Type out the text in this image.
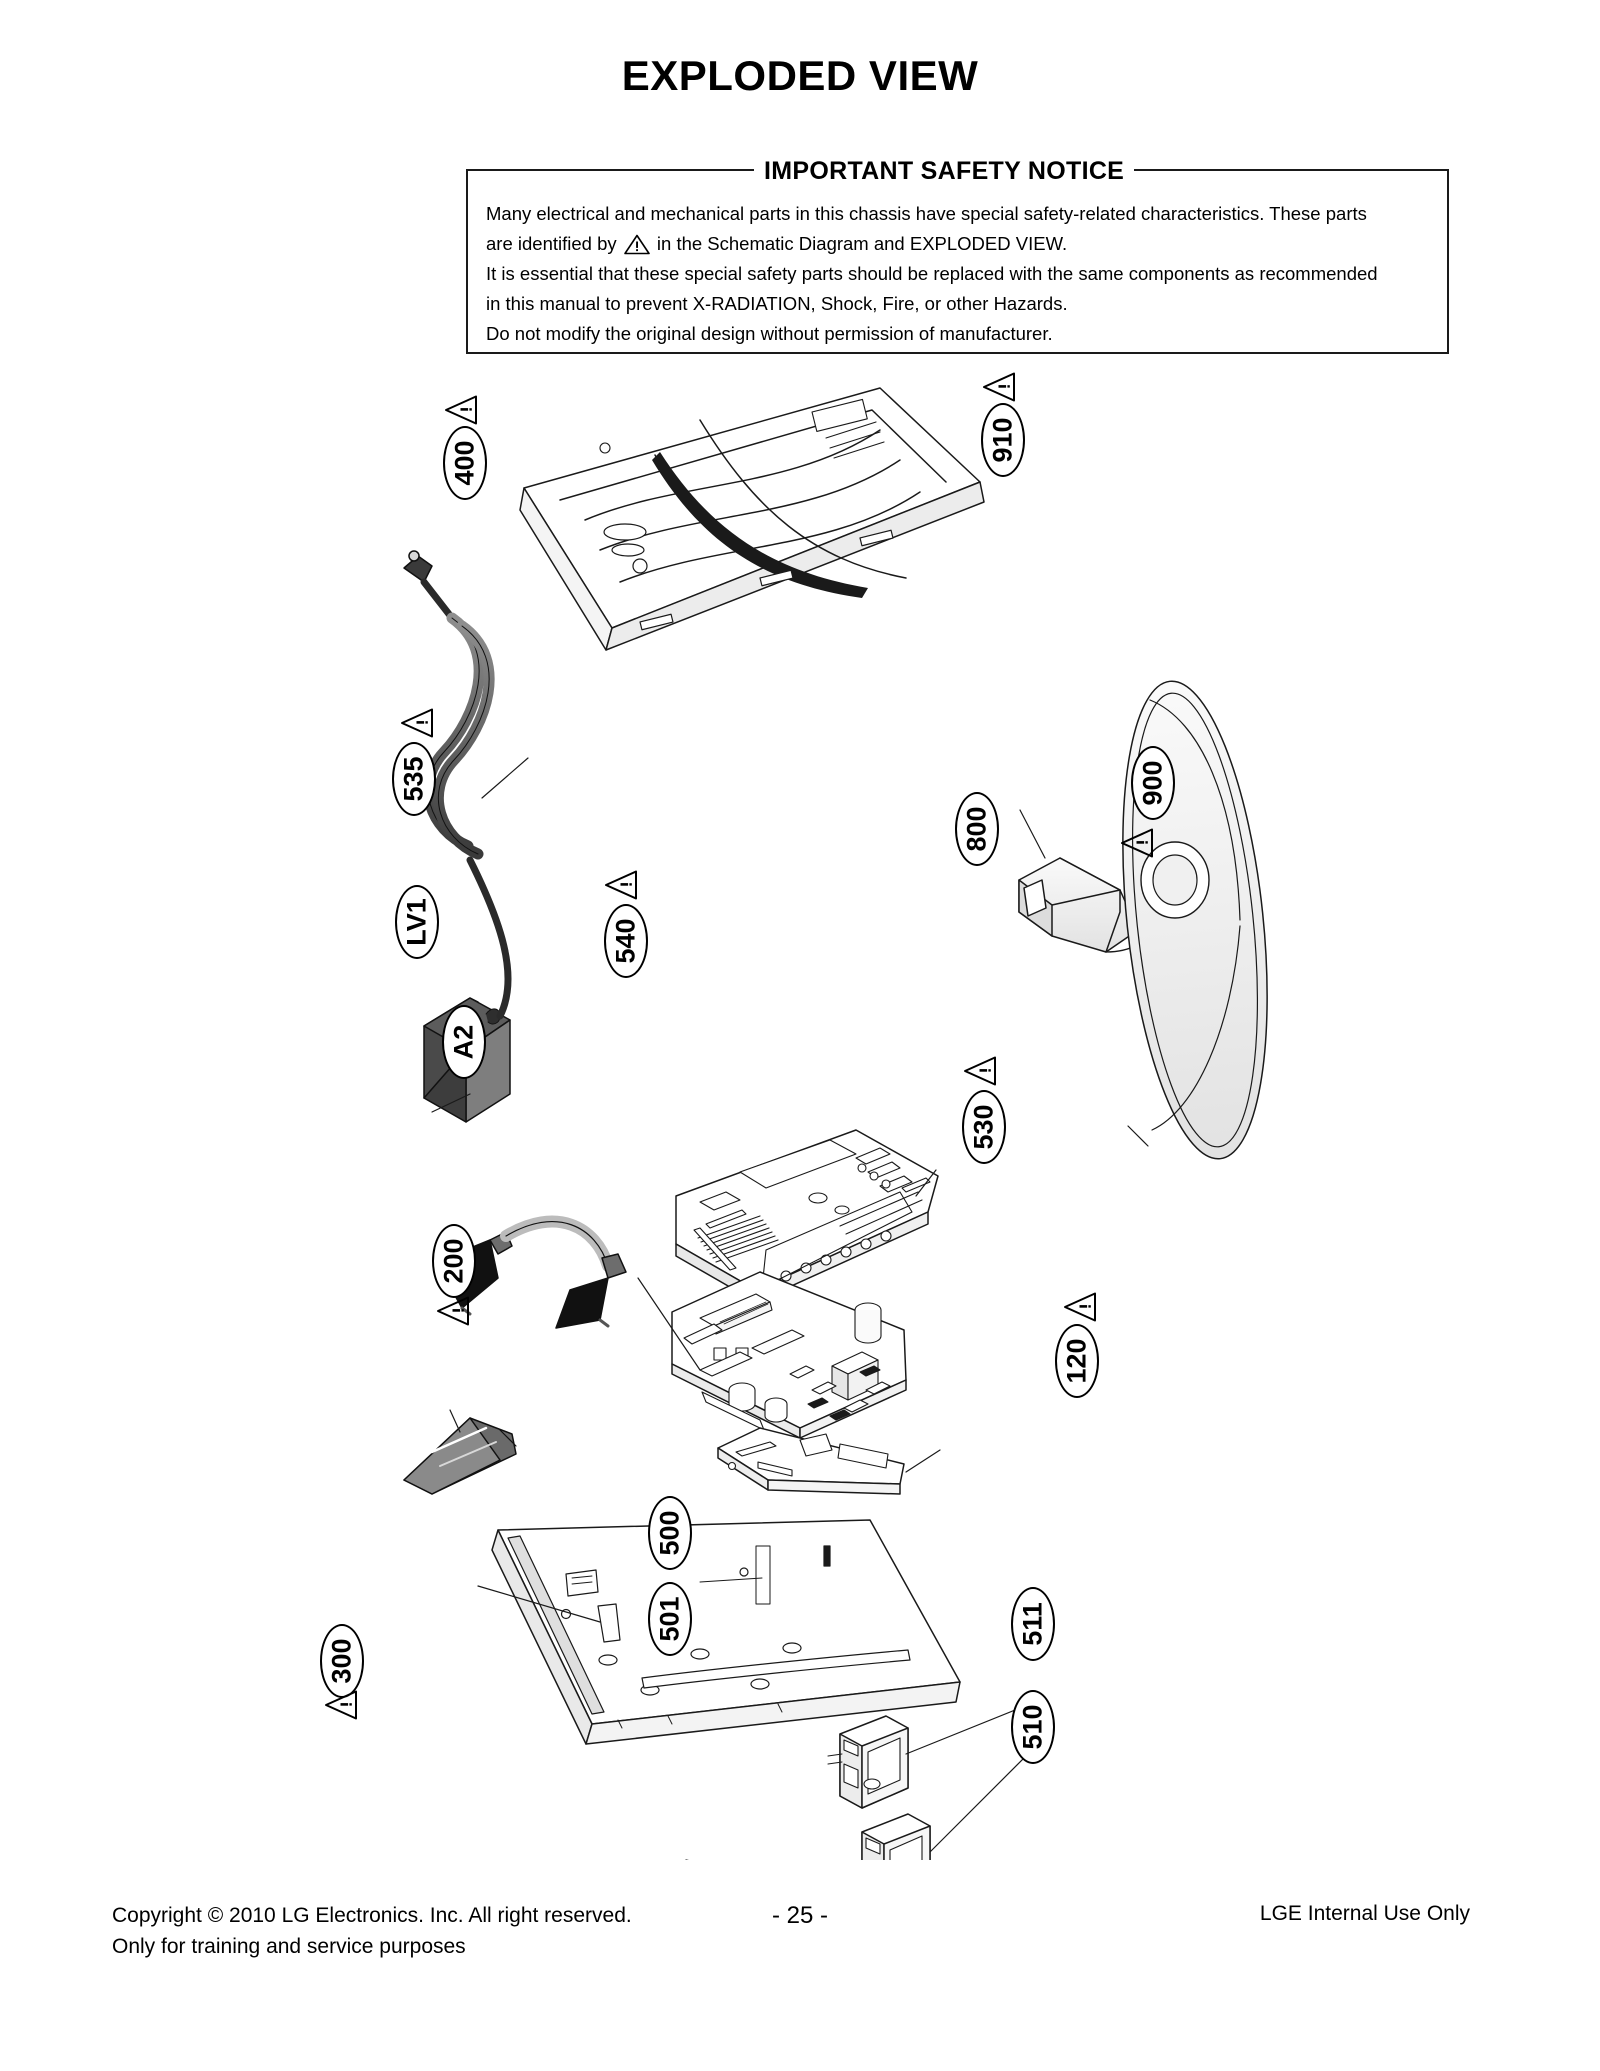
EXPLODED VIEW
IMPORTANT SAFETY NOTICE

Many electrical and mechanical parts in this chassis have special safety-related characteristics. These parts

are identified by in the Schematic Diagram and EXPLODED VIEW.

It is essential that these special safety parts should be replaced with the same components as recommended

in this manual to prevent X-RADIATION, Shock, Fire, or other Hazards.

Do not modify the original design without permission of manufacturer.

400
910
900
535
800
LV1	540
A2
530
200
120
500
501	511
300
510
Copyright © 2010 LG Electronics. Inc. All right reserved.
Only for training and service purposes
- 25 -	LGE Internal Use Only
